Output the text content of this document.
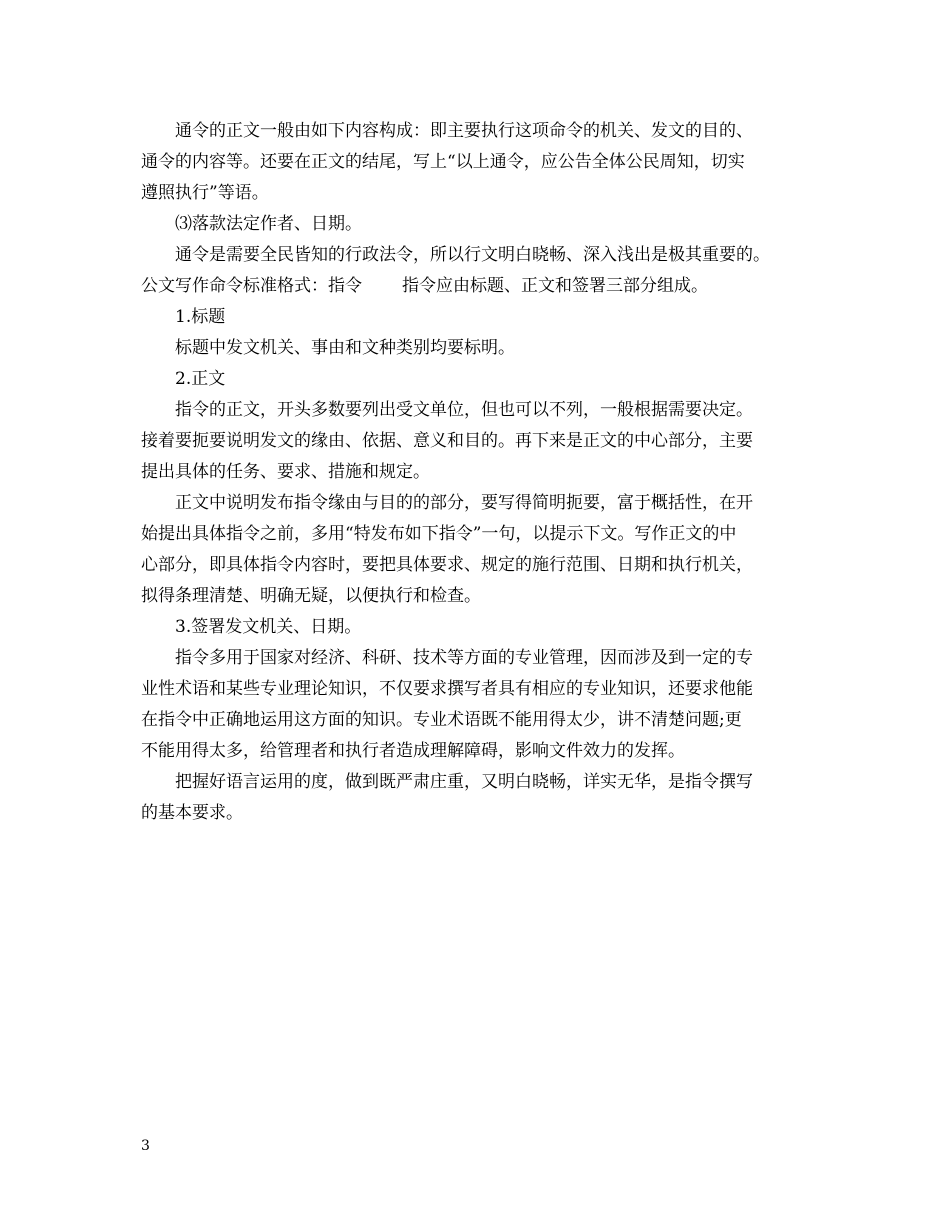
通令的正文一般由如下内容构成：即主要执行这项命令的机关、发文的目的、
通令的内容等。还要在正文的结尾，写上“以上通令，应公告全体公民周知，切实
遵照执行”等语。
⑶落款法定作者、日期。
通令是需要全民皆知的行政法令，所以行文明白晓畅、深入浅出是极其重要的。
公文写作命令标准格式：指令 指令应由标题、正文和签署三部分组成。
1.标题
标题中发文机关、事由和文种类别均要标明。
2.正文
指令的正文，开头多数要列出受文单位，但也可以不列，一般根据需要决定。
接着要扼要说明发文的缘由、依据、意义和目的。再下来是正文的中心部分，主要
提出具体的任务、要求、措施和规定。
正文中说明发布指令缘由与目的的部分，要写得简明扼要，富于概括性，在开
始提出具体指令之前，多用“特发布如下指令”一句，以提示下文。写作正文的中
心部分，即具体指令内容时，要把具体要求、规定的施行范围、日期和执行机关，
拟得条理清楚、明确无疑，以便执行和检查。
3.签署发文机关、日期。
指令多用于国家对经济、科研、技术等方面的专业管理，因而涉及到一定的专
业性术语和某些专业理论知识，不仅要求撰写者具有相应的专业知识，还要求他能
在指令中正确地运用这方面的知识。专业术语既不能用得太少，讲不清楚问题;更
不能用得太多，给管理者和执行者造成理解障碍，影响文件效力的发挥。
把握好语言运用的度，做到既严肃庄重，又明白晓畅，详实无华，是指令撰写
的基本要求。
3
